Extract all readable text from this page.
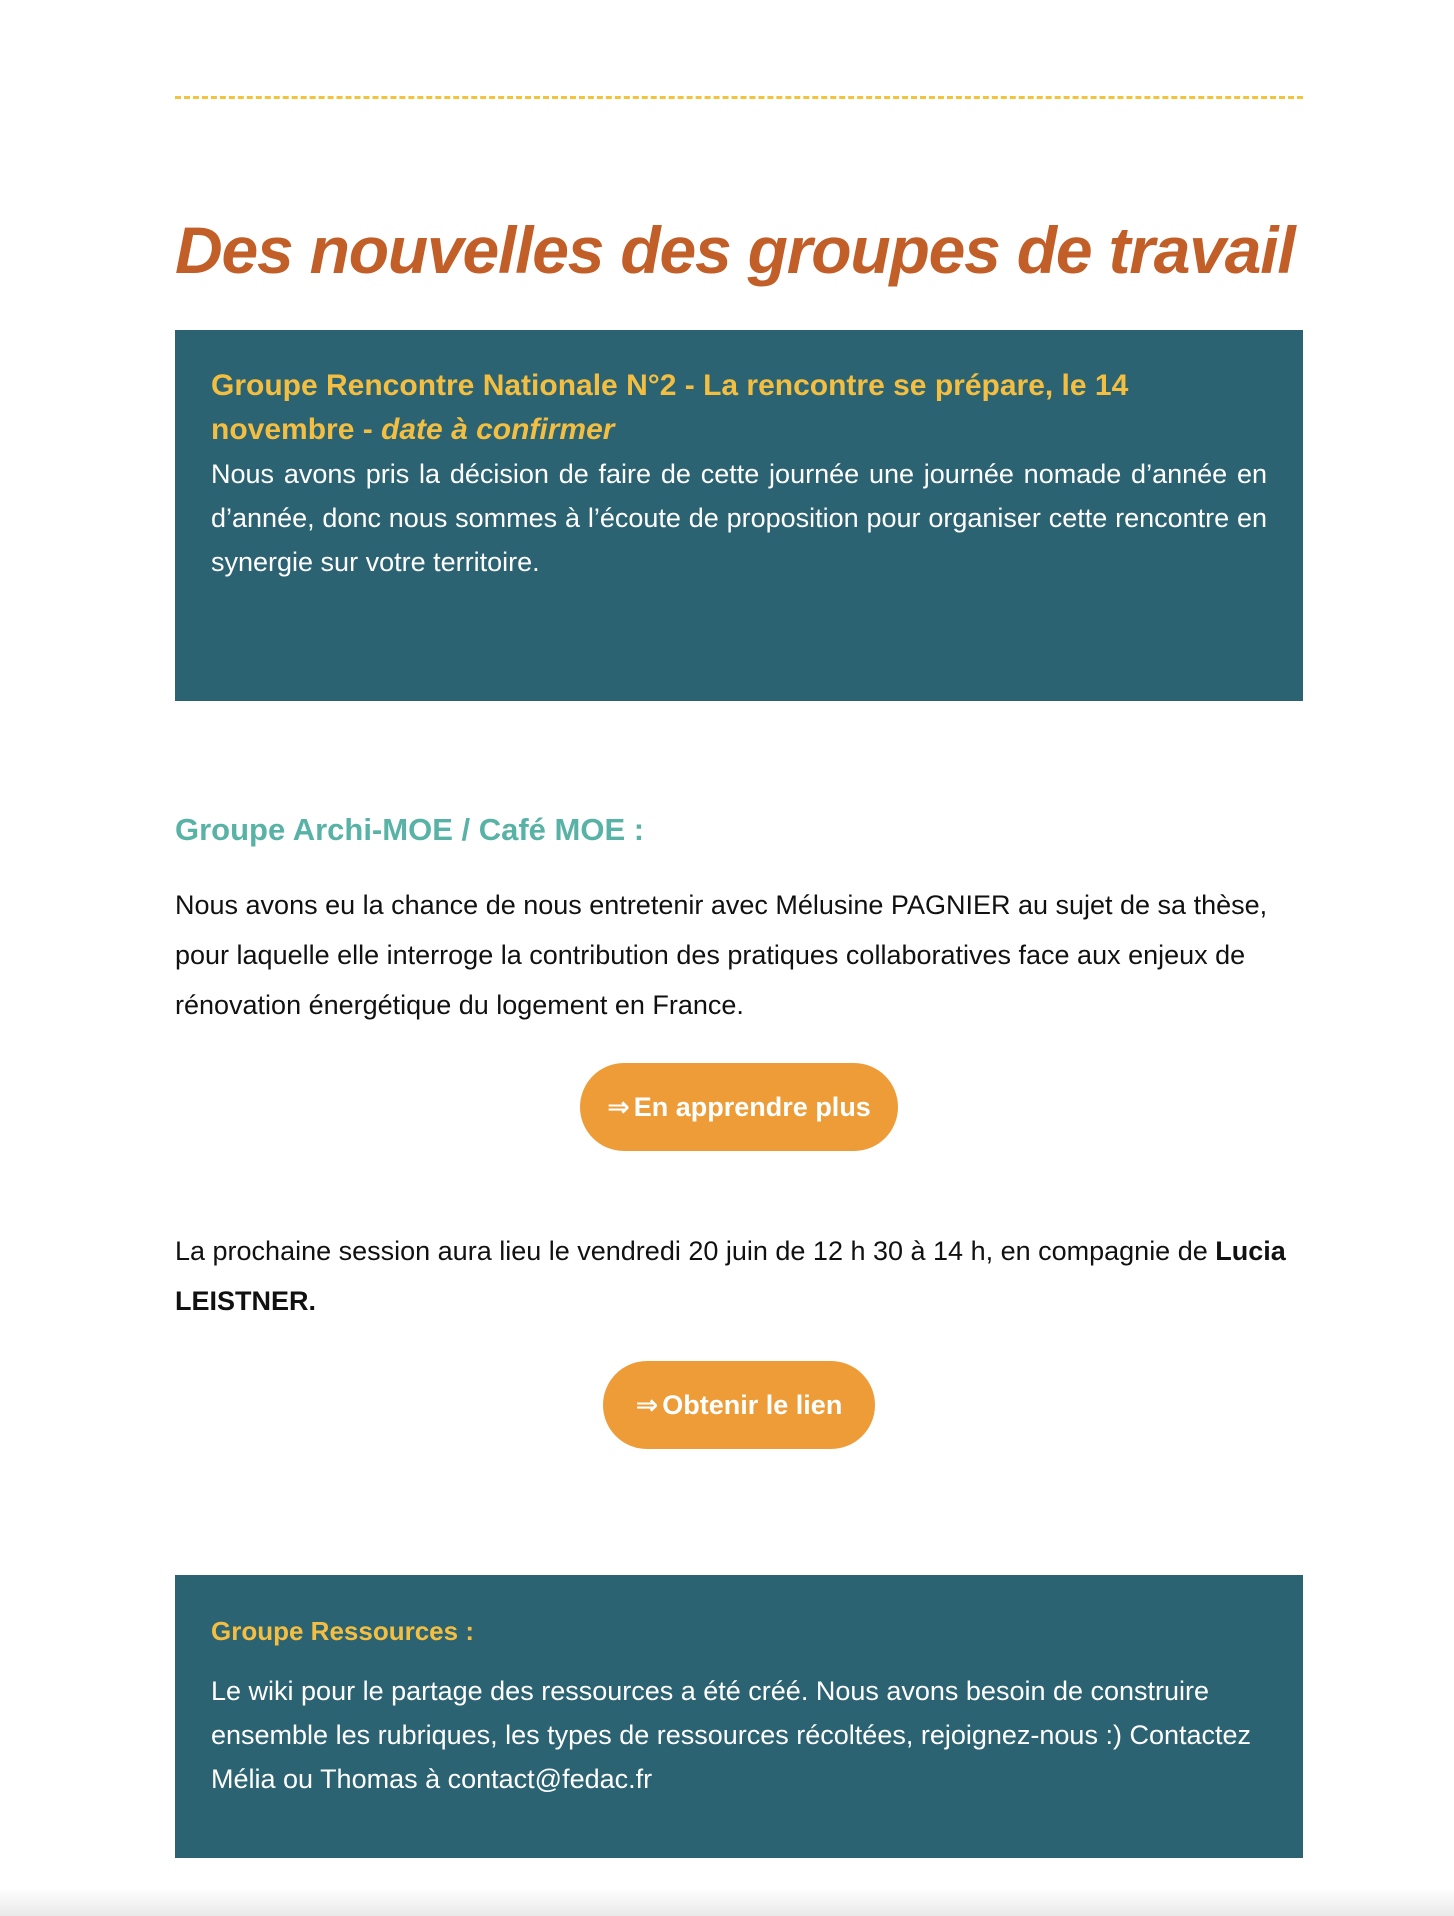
Des nouvelles des groupes de travail

Groupe Rencontre Nationale N°2 - La rencontre se prépare, le 14 novembre - date à confirmer

Nous avons pris la décision de faire de cette journée une journée nomade d’année en d’année, donc nous sommes à l’écoute de proposition pour organiser cette rencontre en synergie sur votre territoire.

Groupe Archi-MOE / Café MOE :

Nous avons eu la chance de nous entretenir avec Mélusine PAGNIER au sujet de sa thèse, pour laquelle elle interroge la contribution des pratiques collaboratives face aux enjeux de rénovation énergétique du logement en France.

⇒ En apprendre plus

La prochaine session aura lieu le vendredi 20 juin de 12 h 30 à 14 h, en compagnie de Lucia LEISTNER.

⇒ Obtenir le lien

Groupe Ressources :

Le wiki pour le partage des ressources a été créé. Nous avons besoin de construire ensemble les rubriques, les types de ressources récoltées, rejoignez-nous :) Contactez Mélia ou Thomas à contact@fedac.fr
